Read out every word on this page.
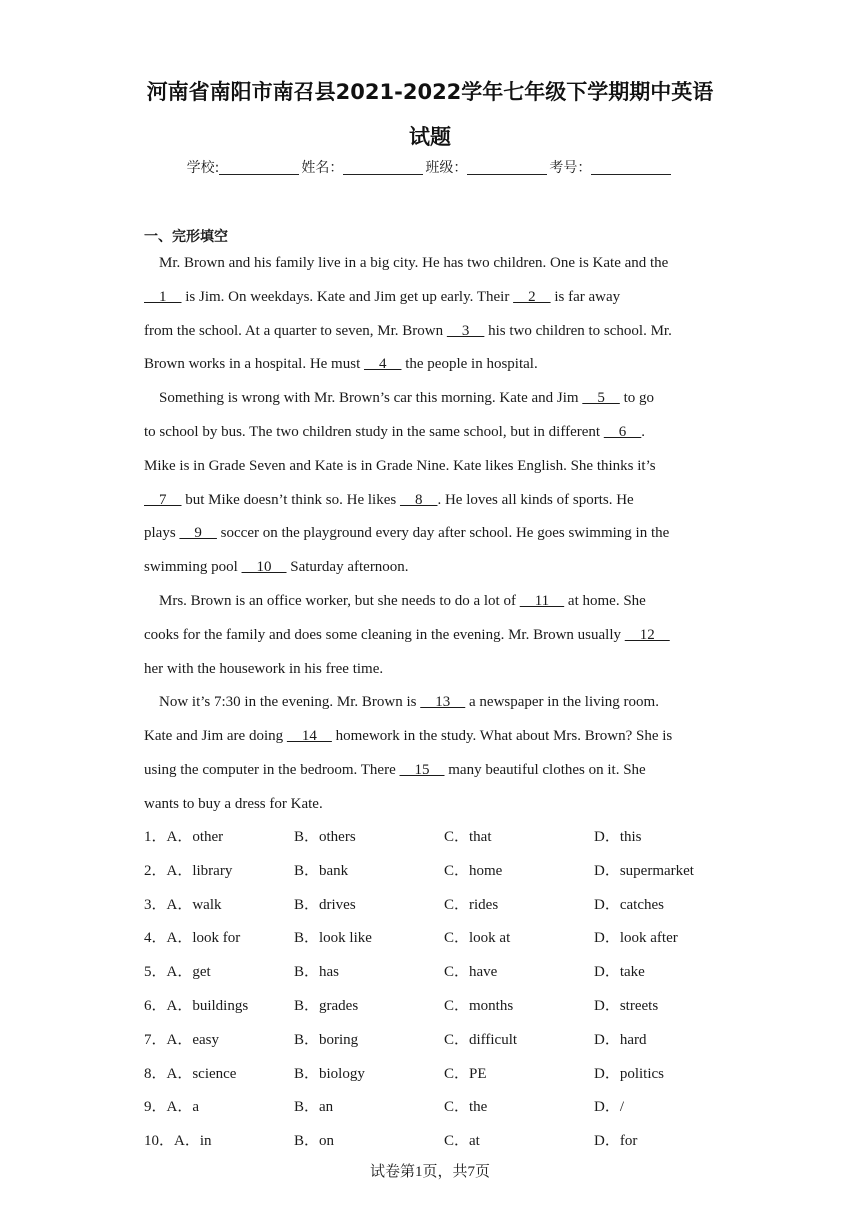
河南省南阳市南召县2021-2022学年七年级下学期期中英语
试题
学校:	姓名：	班级：	考号：
一、完形填空
Mr. Brown and his family live in a big city. He has two children. One is Kate and the
1     is Jim. On weekdays. Kate and Jim get up early. Their     2     is far away
from the school. At a quarter to seven, Mr. Brown     3     his two children to school. Mr.
Brown works in a hospital. He must     4     the people in hospital.
Something is wrong with Mr. Brown’s car this morning. Kate and Jim     5     to go
to school by bus. The two children study in the same school, but in different     6    .
Mike is in Grade Seven and Kate is in Grade Nine. Kate likes English. She thinks it’s
7     but Mike doesn’t think so. He likes     8    . He loves all kinds of sports. He
plays     9     soccer on the playground every day after school. He goes swimming in the
swimming pool     10     Saturday afternoon.
Mrs. Brown is an office worker, but she needs to do a lot of     11     at home. She
cooks for the family and does some cleaning in the evening. Mr. Brown usually     12
her with the housework in his free time.
Now it’s 7:30 in the evening. Mr. Brown is     13     a newspaper in the living room.
Kate and Jim are doing     14     homework in the study. What about Mrs. Brown? She is
using the computer in the bedroom. There     15     many beautiful clothes on it. She
wants to buy a dress for Kate.
1．A．other	B．others	C．that	D．this
2．A．library	B．bank	C．home	D．supermarket
3．A．walk	B．drives	C．rides	D．catches
4．A．look for	B．look like	C．look at	D．look after
5．A．get	B．has	C．have	D．take
6．A．buildings	B．grades	C．months	D．streets
7．A．easy	B．boring	C．difficult	D．hard
8．A．science	B．biology	C．PE	D．politics
9．A．a	B．an	C．the	D．/
10．A．in	B．on	C．at	D．for
试卷第1页，共7页
